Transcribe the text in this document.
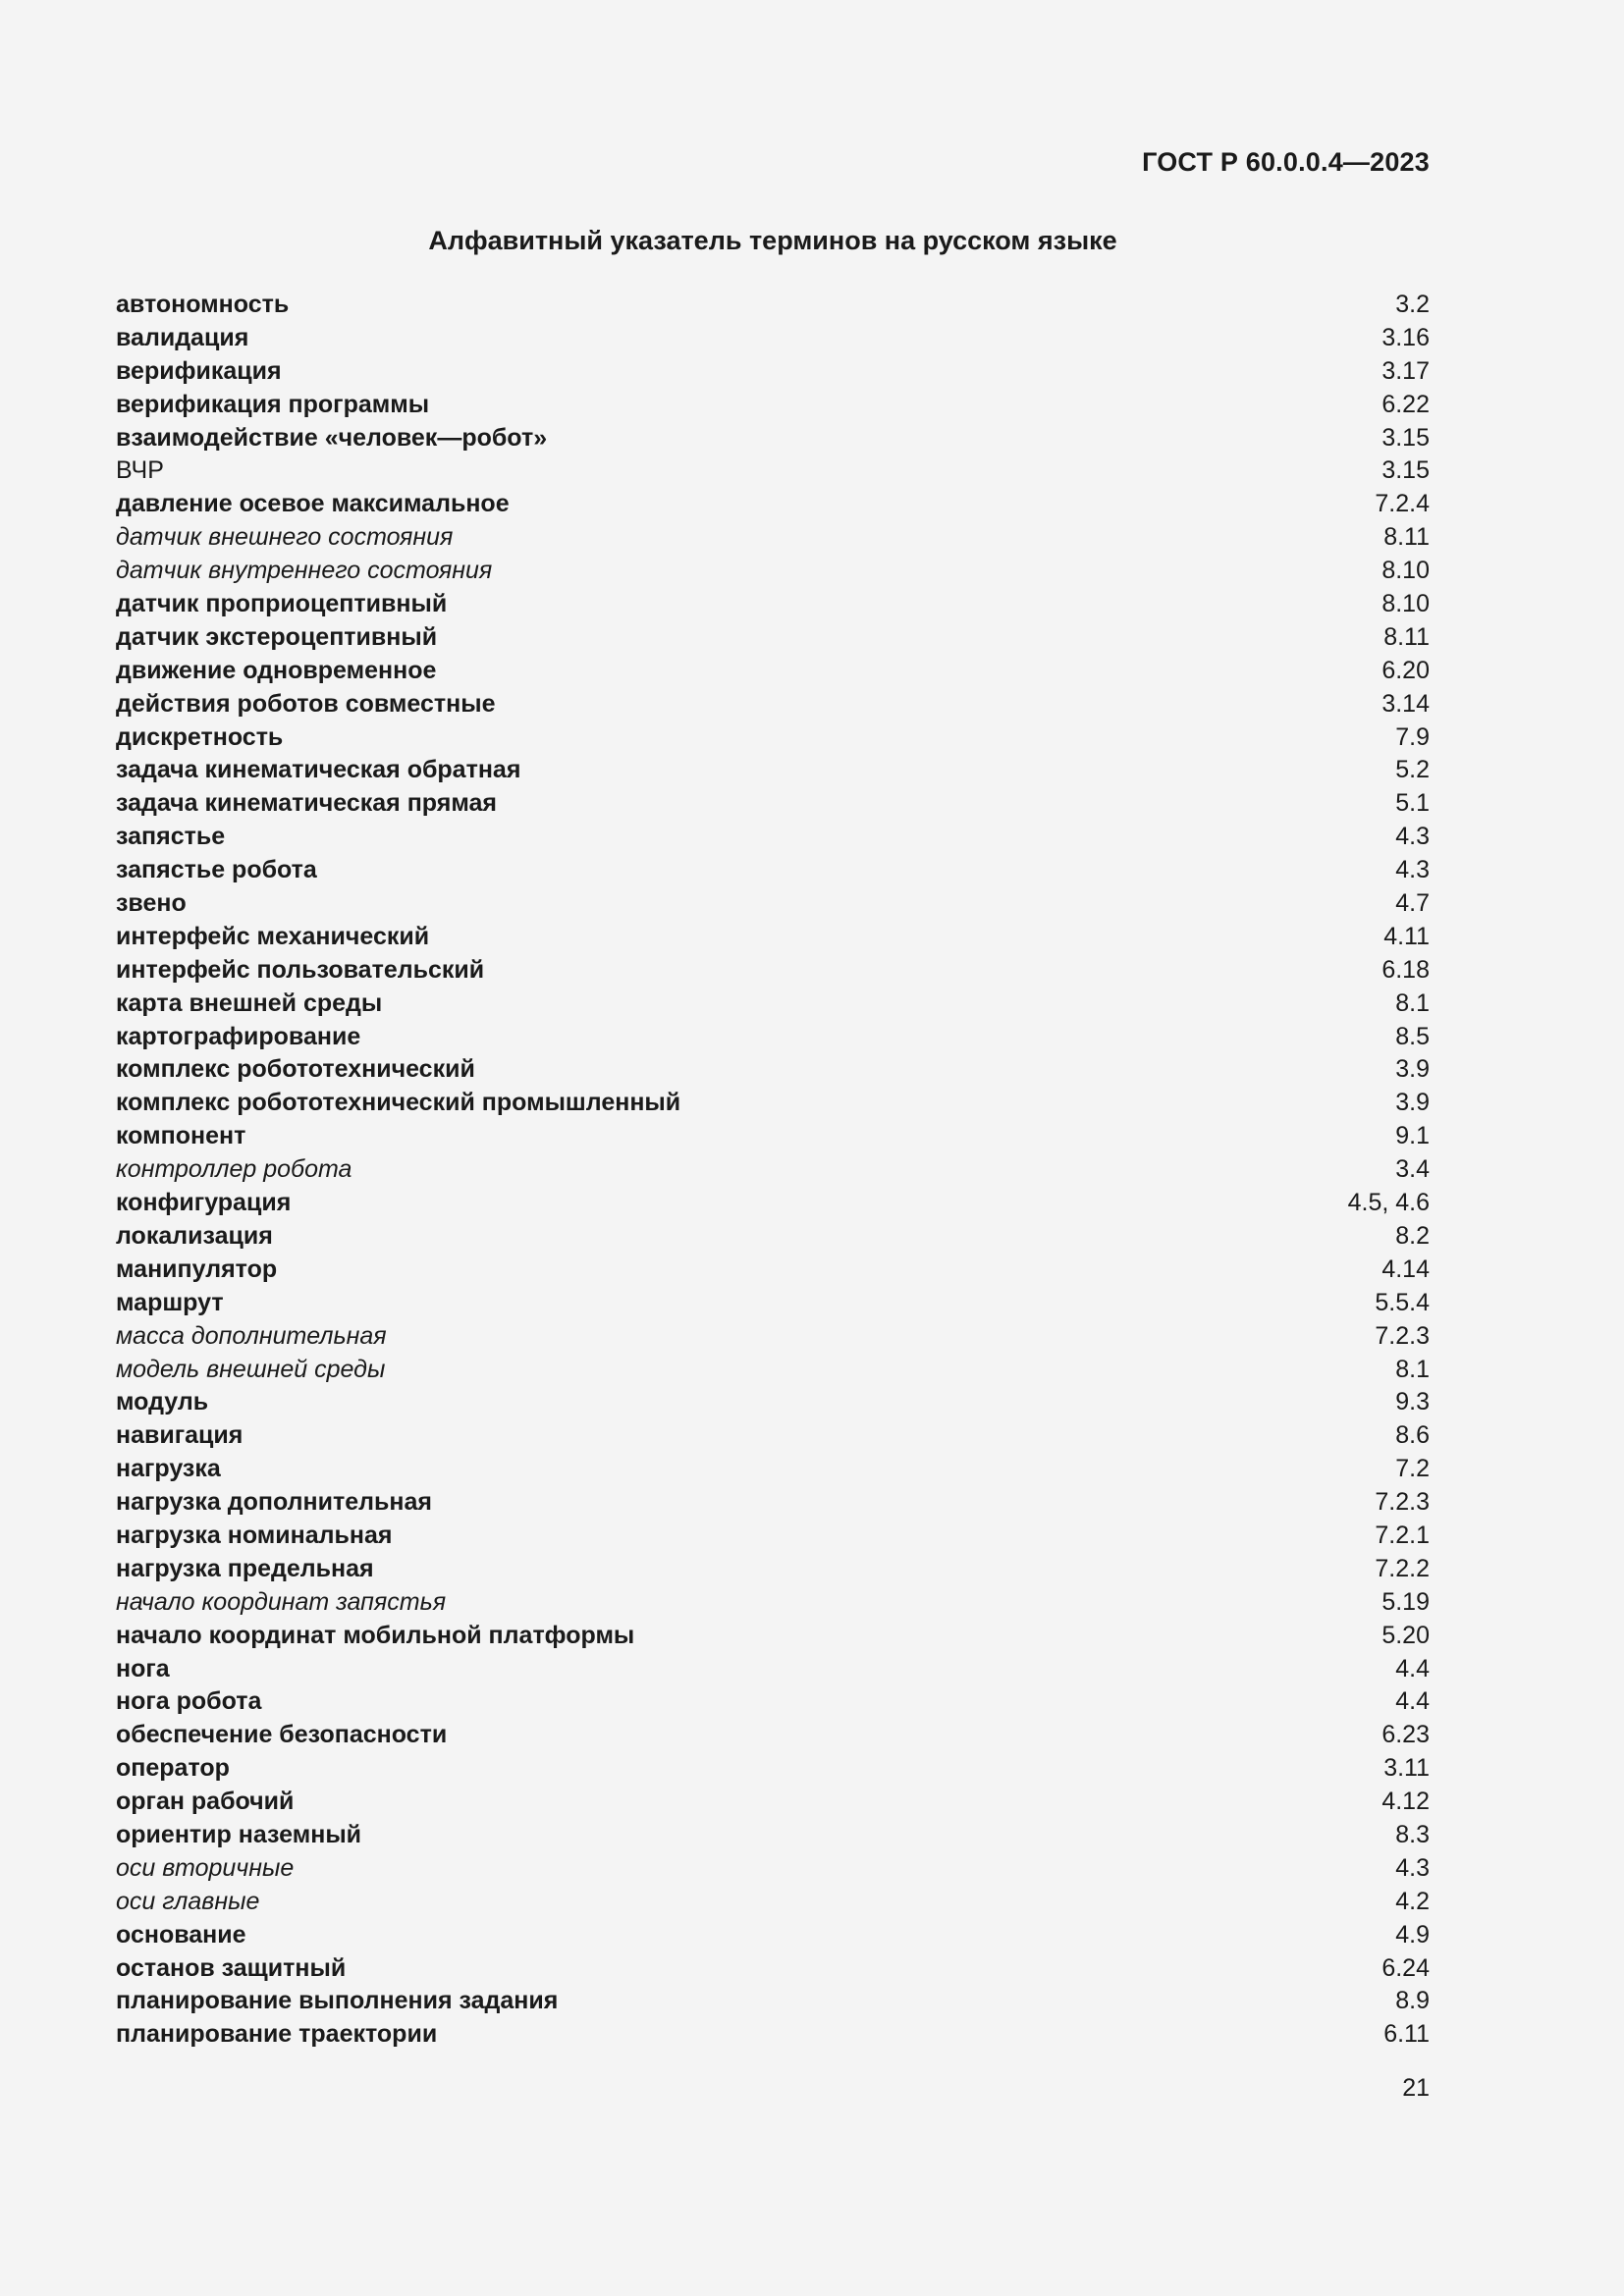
ГОСТ Р 60.0.0.4—2023
Алфавитный указатель терминов на русском языке
автономность	3.2
валидация	3.16
верификация	3.17
верификация программы	6.22
взаимодействие «человек—робот»	3.15
ВЧР	3.15
давление осевое максимальное	7.2.4
датчик внешнего состояния	8.11
датчик внутреннего состояния	8.10
датчик проприоцептивный	8.10
датчик экстероцептивный	8.11
движение одновременное	6.20
действия роботов совместные	3.14
дискретность	7.9
задача кинематическая обратная	5.2
задача кинематическая прямая	5.1
запястье	4.3
запястье робота	4.3
звено	4.7
интерфейс механический	4.11
интерфейс пользовательский	6.18
карта внешней среды	8.1
картографирование	8.5
комплекс робототехнический	3.9
комплекс робототехнический промышленный	3.9
компонент	9.1
контроллер робота	3.4
конфигурация	4.5, 4.6
локализация	8.2
манипулятор	4.14
маршрут	5.5.4
масса дополнительная	7.2.3
модель внешней среды	8.1
модуль	9.3
навигация	8.6
нагрузка	7.2
нагрузка дополнительная	7.2.3
нагрузка номинальная	7.2.1
нагрузка предельная	7.2.2
начало координат запястья	5.19
начало координат мобильной платформы	5.20
нога	4.4
нога робота	4.4
обеспечение безопасности	6.23
оператор	3.11
орган рабочий	4.12
ориентир наземный	8.3
оси вторичные	4.3
оси главные	4.2
основание	4.9
останов защитный	6.24
планирование выполнения задания	8.9
планирование траектории	6.11
21
